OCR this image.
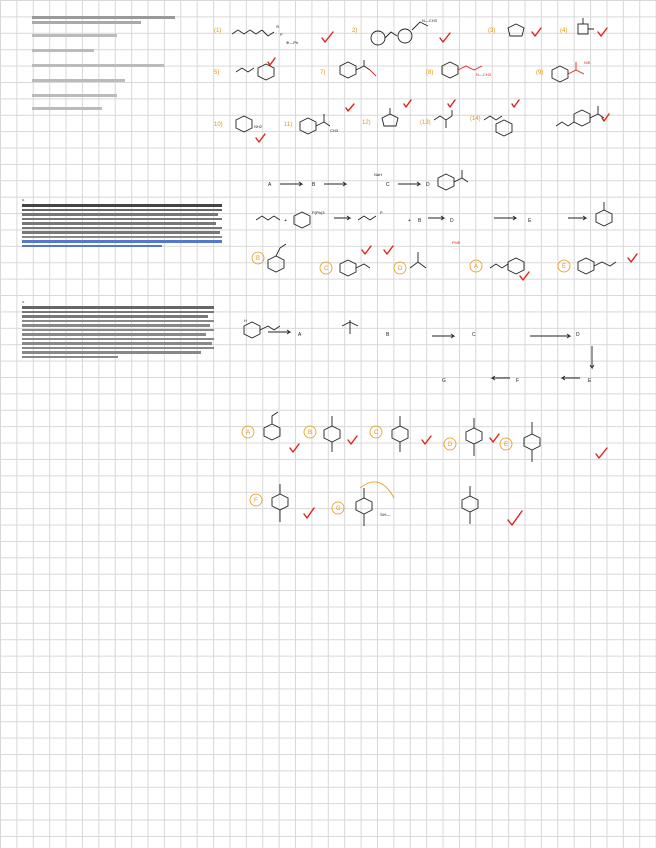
3.
4.
(1)
⊖
P
⊕—Ph
2)
N—CH3
(3)	(4)
5)	7)	(8)	N—CH3	(9)
N⊕
10)	NH2	11)
CH3
12)	(13)
(14)
A	B
NaH
C	D
+
P(Ph)3	P
+ B	D	E
B
C	D
Ph⊕
A	E
H
A	B	C	D
E
F
G
A	B	C
D	E
F
G
SiH—
